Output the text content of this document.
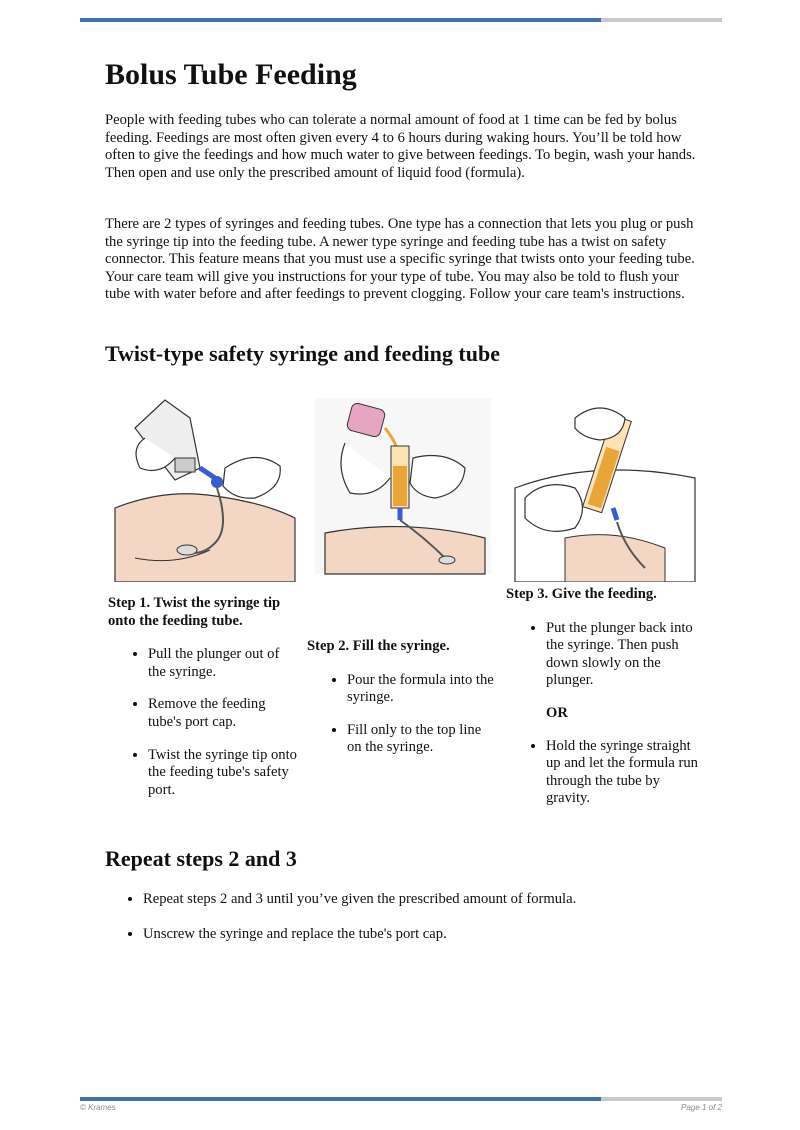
Bolus Tube Feeding

People with feeding tubes who can tolerate a normal amount of food at 1 time can be fed by bolus feeding. Feedings are most often given every 4 to 6 hours during waking hours. You’ll be told how often to give the feedings and how much water to give between feedings. To begin, wash your hands. Then open and use only the prescribed amount of liquid food (formula).

There are 2 types of syringes and feeding tubes. One type has a connection that lets you plug or push the syringe tip into the feeding tube. A newer type syringe and feeding tube has a twist on safety connector. This feature means that you must use a specific syringe that twists onto your feeding tube. Your care team will give you instructions for your type of tube. You may also be told to flush your tube with water before and after feedings to prevent clogging. Follow your care team's instructions.

Twist-type safety syringe and feeding tube
Step 1. Twist the syringe tip onto the feeding tube.
• Pull the plunger out of the syringe.
• Remove the feeding tube's port cap.
• Twist the syringe tip onto the feeding tube's safety port.
Step 2. Fill the syringe.
• Pour the formula into the syringe.
• Fill only to the top line on the syringe.
Step 3. Give the feeding.
• Put the plunger back into the syringe. Then push down slowly on the plunger.
OR
• Hold the syringe straight up and let the formula run through the tube by gravity.
Repeat steps 2 and 3
• Repeat steps 2 and 3 until you’ve given the prescribed amount of formula.
• Unscrew the syringe and replace the tube's port cap.
© Krames	Page 1 of 2
